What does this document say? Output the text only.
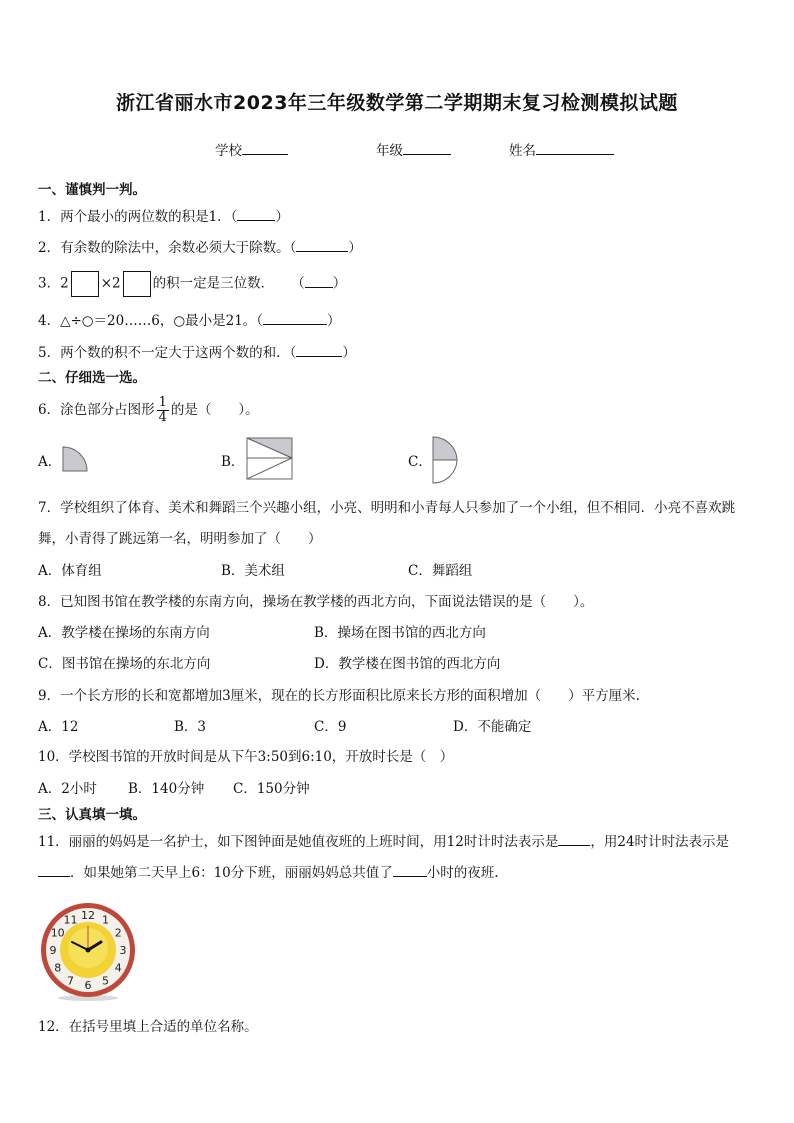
浙江省丽水市2023年三年级数学第二学期期末复习检测模拟试题
学校	年级	姓名
一、谨慎判一判。
1．两个最小的两位数的积是1．（	）
2．有余数的除法中，余数必须大于除数。（	）
3．2 ×2 的积一定是三位数． （ ）
4．△÷○＝20……6，○最小是21。（	）
5．两个数的积不一定大于这两个数的和．（	）
二、仔细选一选。
6．涂色部分占图形 $\frac{1}{4}$ 的是（　　）。
A．	B．	C．
7．学校组织了体育、美术和舞蹈三个兴趣小组，小亮、明明和小青每人只参加了一个小组，但不相同．小亮不喜欢跳
舞，小青得了跳远第一名，明明参加了（　　）
A．体育组	B．美术组	C．舞蹈组
8．已知图书馆在教学楼的东南方向，操场在教学楼的西北方向，下面说法错误的是（　　）。
A．教学楼在操场的东南方向	B．操场在图书馆的西北方向
C．图书馆在操场的东北方向	D．教学楼在图书馆的西北方向
9．一个长方形的长和宽都增加3厘米，现在的长方形面积比原来长方形的面积增加（　　）平方厘米.
A．12	B．3	C．9	D．不能确定
10．学校图书馆的开放时间是从下午3:50到6:10，开放时长是（　）
A．2小时 B．140分钟 C．150分钟
三、认真填一填。
11．丽丽的妈妈是一名护士，如下图钟面是她值夜班的上班时间，用12时计时法表示是 ，用24时计时法表示是
．如果她第二天早上6：10分下班，丽丽妈妈总共值了	小时的夜班.
12 1
2
3
4
5
6
7
8
9
10
11
12．在括号里填上合适的单位名称。
